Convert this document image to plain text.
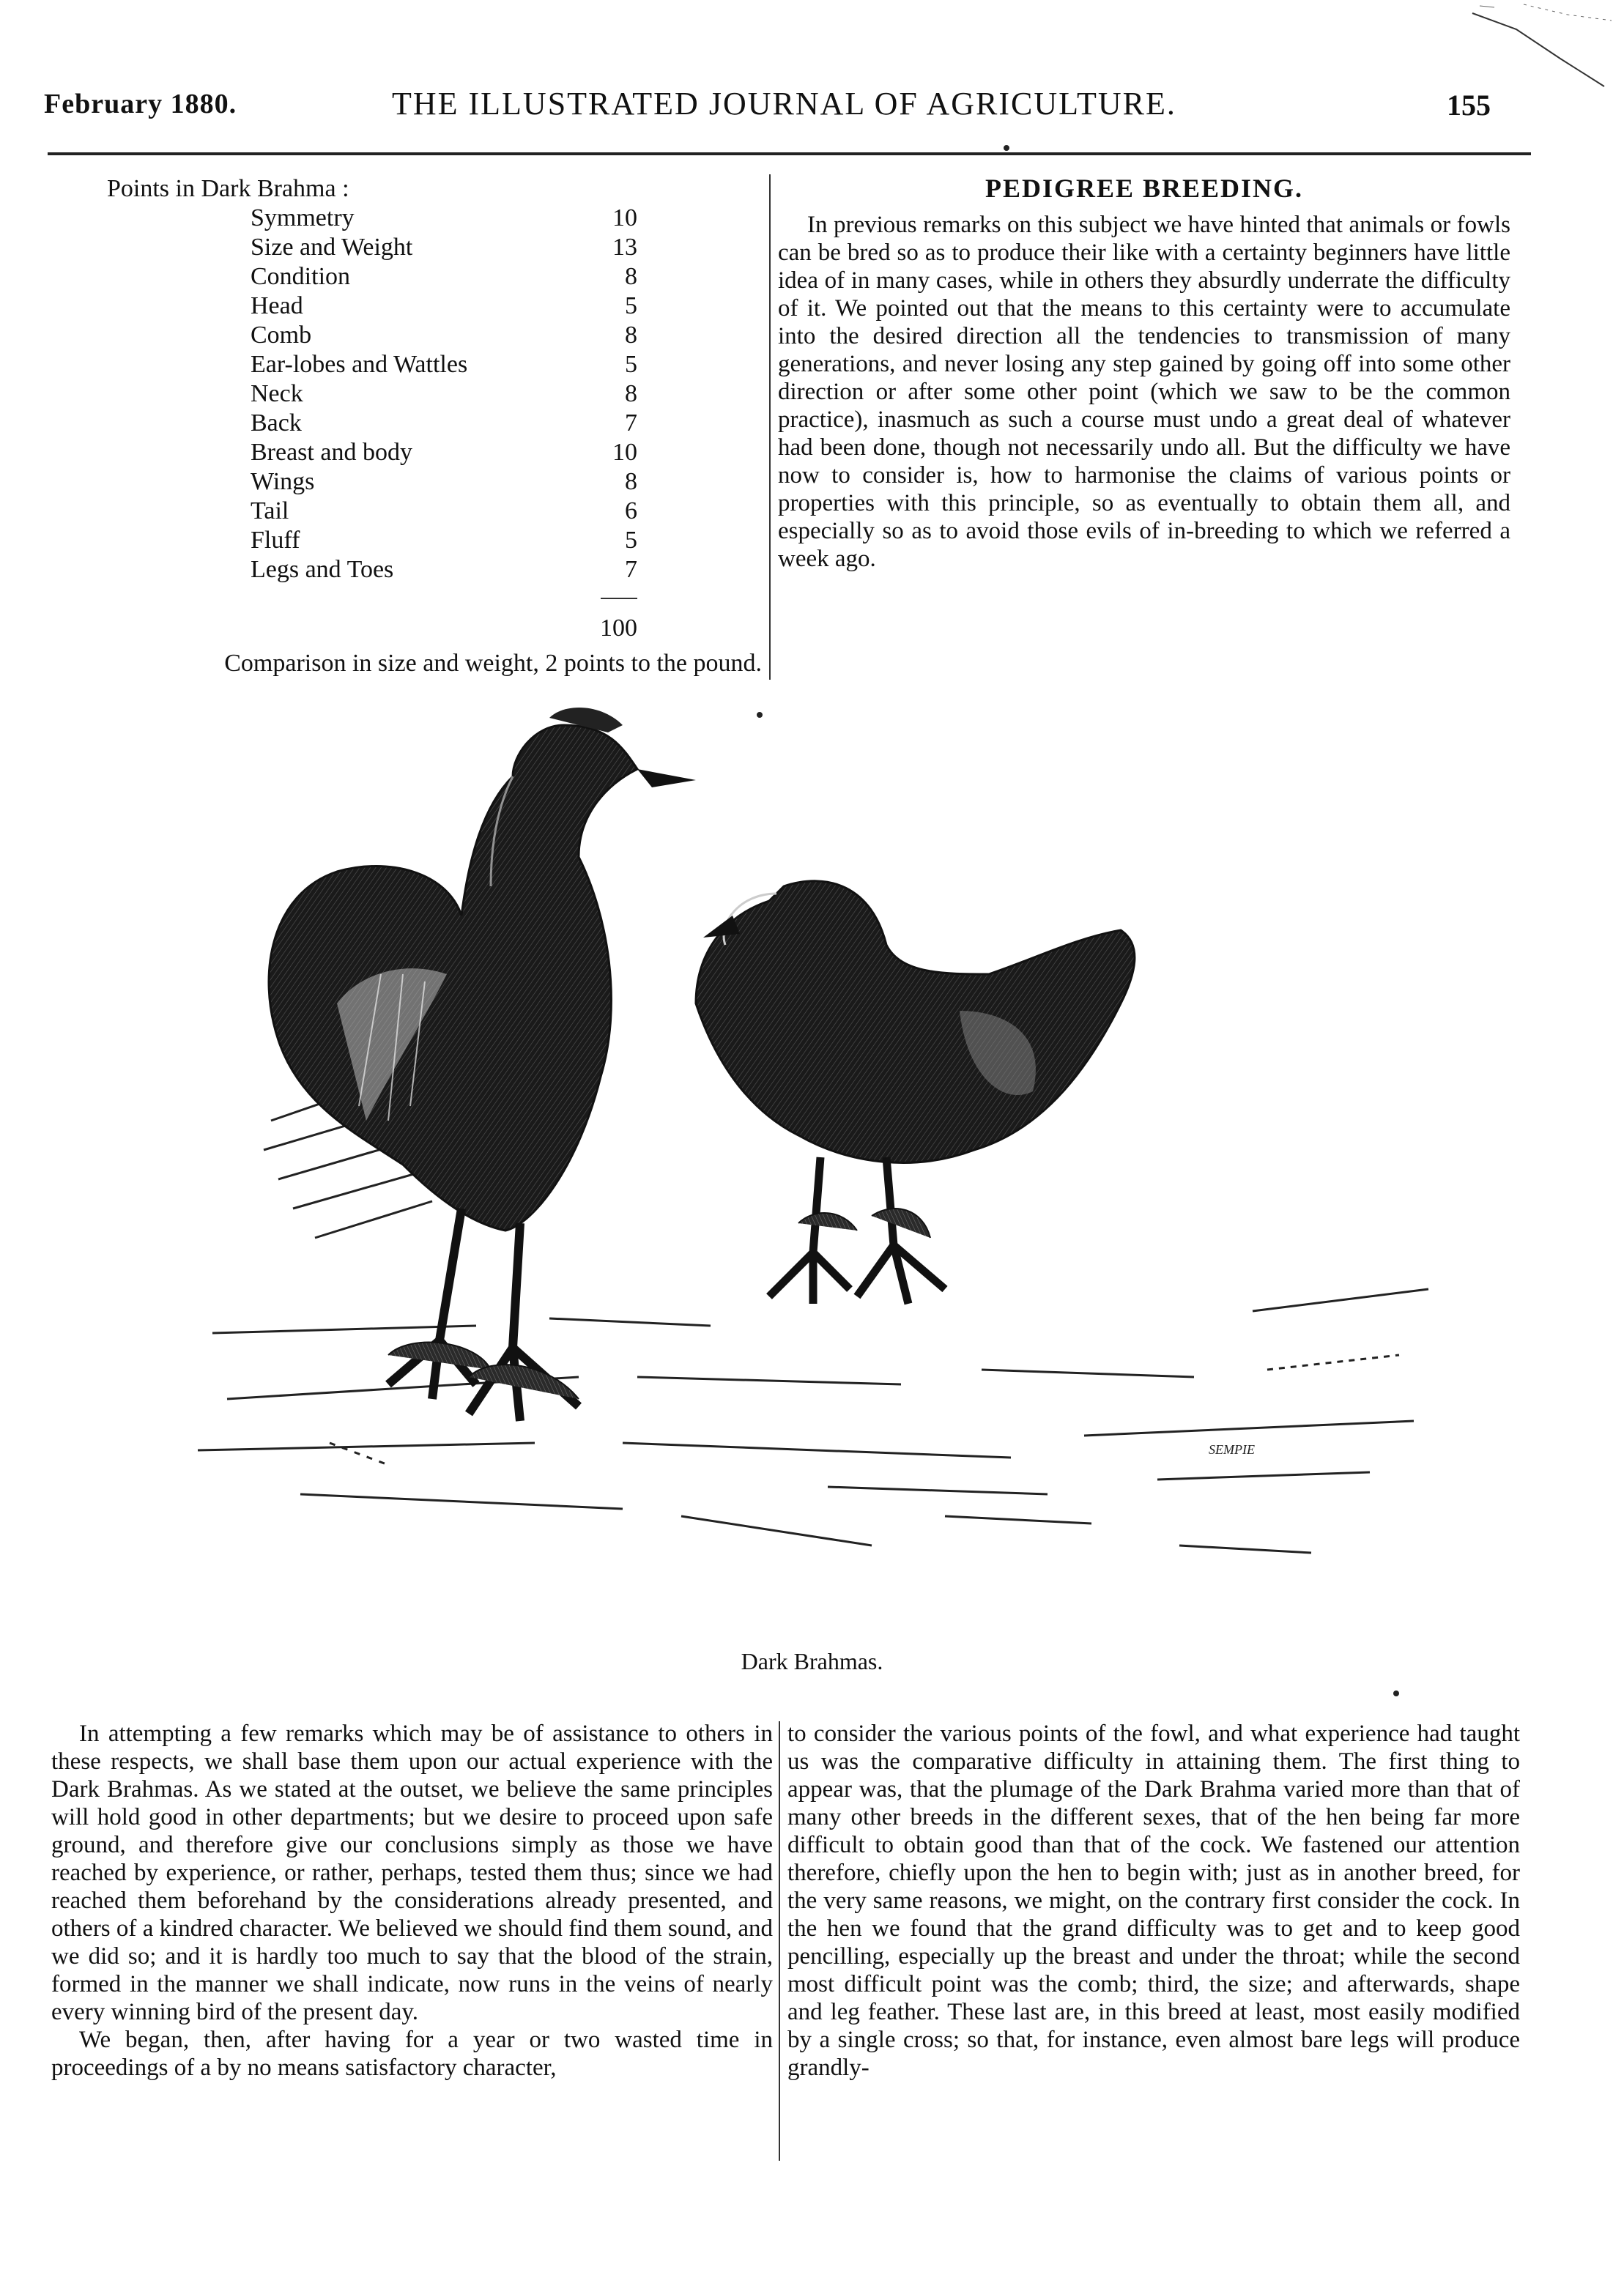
February 1880.	THE ILLUSTRATED JOURNAL OF AGRICULTURE.	155
Points in Dark Brahma :
Symmetry	10
Size and Weight	13
Condition	8
Head	5
Comb	8
Ear-lobes and Wattles	5
Neck	8
Back	7
Breast and body	10
Wings	8
Tail	6
Fluff	5
Legs and Toes	7
100
Comparison in size and weight, 2 points to the pound.
PEDIGREE BREEDING.

In previous remarks on this subject we have hinted that animals or fowls can be bred so as to produce their like with a certainty beginners have little idea of in many cases, while in others they absurdly underrate the difficulty of it. We pointed out that the means to this certainty were to accumulate into the desired direction all the tendencies to transmission of many generations, and never losing any step gained by going off into some other direction or after some other point (which we saw to be the common practice), inasmuch as such a course must undo a great deal of whatever had been done, though not necessarily undo all. But the difficulty we have now to consider is, how to harmonise the claims of various points or properties with this principle, so as eventually to obtain them all, and especially so as to avoid those evils of in-breeding to which we referred a week ago.

SEMPIE
Dark Brahmas.

In attempting a few remarks which may be of assistance to others in these respects, we shall base them upon our actual experience with the Dark Brahmas. As we stated at the outset, we believe the same principles will hold good in other departments; but we desire to proceed upon safe ground, and therefore give our conclusions simply as those we have reached by experience, or rather, perhaps, tested them thus; since we had reached them beforehand by the considerations already presented, and others of a kindred character. We believed we should find them sound, and we did so; and it is hardly too much to say that the blood of the strain, formed in the manner we shall indicate, now runs in the veins of nearly every winning bird of the present day.

We began, then, after having for a year or two wasted time in proceedings of a by no means satisfactory character,

to consider the various points of the fowl, and what experience had taught us was the comparative difficulty in attaining them. The first thing to appear was, that the plumage of the Dark Brahma varied more than that of many other breeds in the different sexes, that of the hen being far more difficult to obtain good than that of the cock. We fastened our attention therefore, chiefly upon the hen to begin with; just as in another breed, for the very same reasons, we might, on the contrary first consider the cock. In the hen we found that the grand difficulty was to get and to keep good pencilling, especially up the breast and under the throat; while the second most difficult point was the comb; third, the size; and afterwards, shape and leg feather. These last are, in this breed at least, most easily modified by a single cross; so that, for instance, even almost bare legs will produce grandly-
